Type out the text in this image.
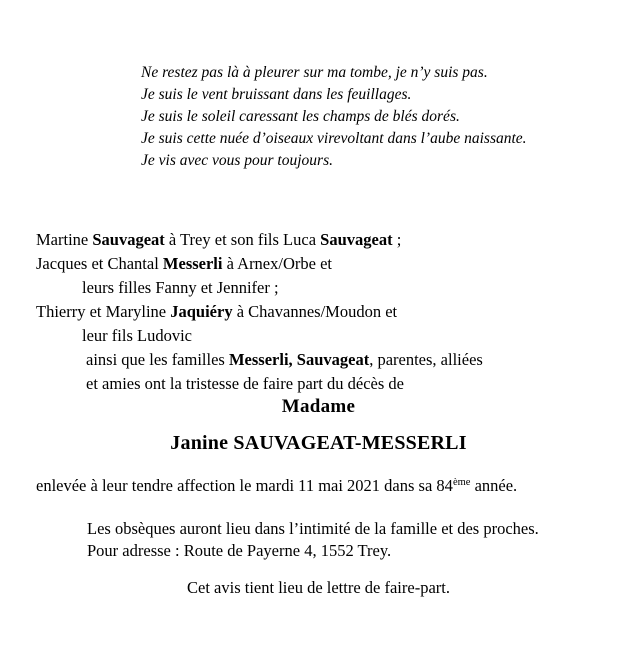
Ne restez pas là à pleurer sur ma tombe, je n’y suis pas.
Je suis le vent bruissant dans les feuillages.
Je suis le soleil caressant les champs de blés dorés.
Je suis cette nuée d’oiseaux virevoltant dans l’aube naissante.
Je vis avec vous pour toujours.
Martine Sauvageat à Trey et son fils Luca Sauvageat ;
Jacques et Chantal Messerli à Arnex/Orbe et
leurs filles Fanny et Jennifer ;
Thierry et Maryline Jaquiéry à Chavannes/Moudon et
leur fils Ludovic
ainsi que les familles Messerli, Sauvageat, parentes, alliées
et amies ont la tristesse de faire part du décès de
Madame
Janine SAUVAGEAT-MESSERLI
enlevée à leur tendre affection le mardi 11 mai 2021 dans sa 84ème année.
Les obsèques auront lieu dans l’intimité de la famille et des proches.
Pour adresse : Route de Payerne 4, 1552 Trey.
Cet avis tient lieu de lettre de faire-part.
